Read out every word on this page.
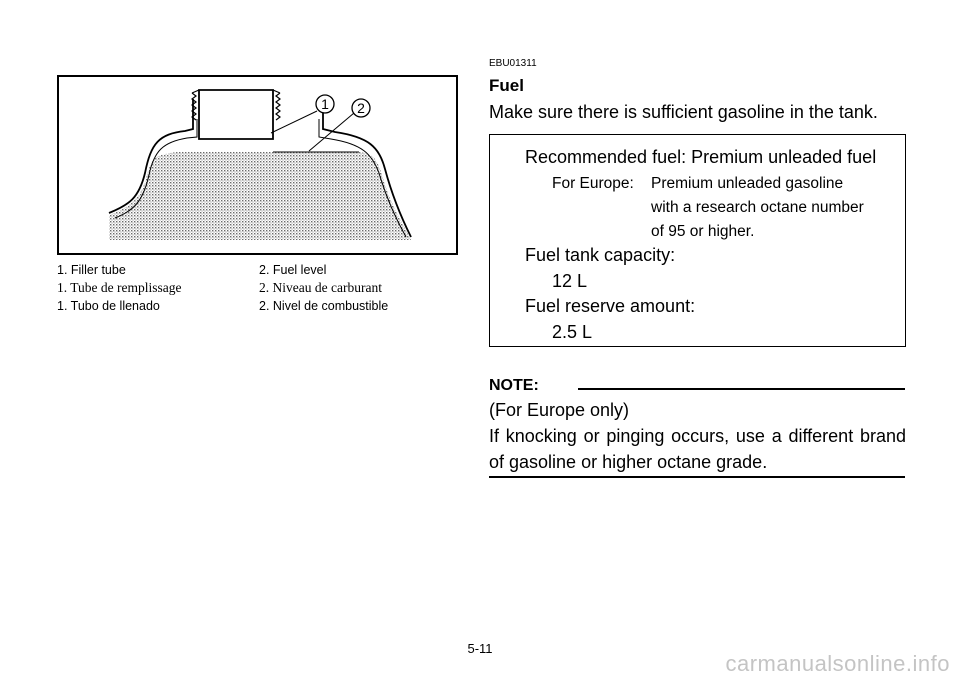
1 2
1. Filler tube	2. Fuel level
1. Tube de remplissage	2. Niveau de carburant
1. Tubo de llenado	2. Nivel de combustible
EBU01311
Fuel
Make sure there is sufficient gasoline in the tank.
Recommended fuel: Premium unleaded fuel
For Europe: Premium unleaded gasoline
with a research octane number
of 95 or higher.
Fuel tank capacity:
12 L
Fuel reserve amount:
2.5 L
NOTE:
(For Europe only)
If knocking or pinging occurs, use a different brand of gasoline or higher octane grade.
5-11
carmanualsonline.info
